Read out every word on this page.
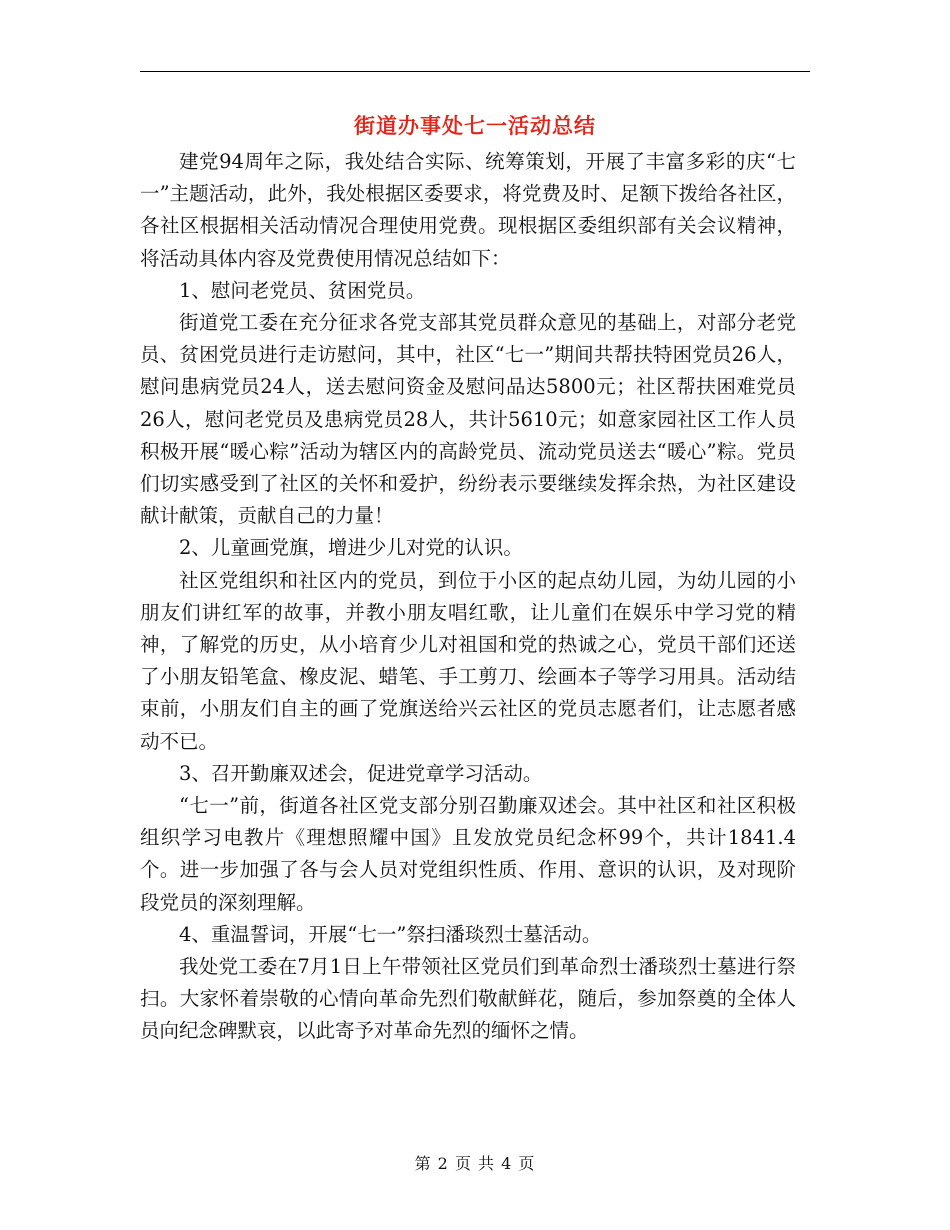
街道办事处七一活动总结

建党94周年之际，我处结合实际、统筹策划，开展了丰富多彩的庆“七一”主题活动，此外，我处根据区委要求，将党费及时、足额下拨给各社区，各社区根据相关活动情况合理使用党费。现根据区委组织部有关会议精神，将活动具体内容及党费使用情况总结如下：

1、慰问老党员、贫困党员。

街道党工委在充分征求各党支部其党员群众意见的基础上，对部分老党员、贫困党员进行走访慰问，其中，社区“七一”期间共帮扶特困党员26人，慰问患病党员24人，送去慰问资金及慰问品达5800元；社区帮扶困难党员26人，慰问老党员及患病党员28人，共计5610元；如意家园社区工作人员积极开展“暖心粽”活动为辖区内的高龄党员、流动党员送去“暖心”粽。党员们切实感受到了社区的关怀和爱护，纷纷表示要继续发挥余热，为社区建设献计献策，贡献自己的力量！

2、儿童画党旗，增进少儿对党的认识。

社区党组织和社区内的党员，到位于小区的起点幼儿园，为幼儿园的小朋友们讲红军的故事，并教小朋友唱红歌，让儿童们在娱乐中学习党的精神，了解党的历史，从小培育少儿对祖国和党的热诚之心，党员干部们还送了小朋友铅笔盒、橡皮泥、蜡笔、手工剪刀、绘画本子等学习用具。活动结束前，小朋友们自主的画了党旗送给兴云社区的党员志愿者们，让志愿者感动不已。

3、召开勤廉双述会，促进党章学习活动。

“七一”前，街道各社区党支部分别召勤廉双述会。其中社区和社区积极组织学习电教片《理想照耀中国》且发放党员纪念杯99个，共计1841.4个。进一步加强了各与会人员对党组织性质、作用、意识的认识，及对现阶段党员的深刻理解。

4、重温誓词，开展“七一”祭扫潘琰烈士墓活动。

我处党工委在7月1日上午带领社区党员们到革命烈士潘琰烈士墓进行祭扫。大家怀着崇敬的心情向革命先烈们敬献鲜花，随后，参加祭奠的全体人员向纪念碑默哀，以此寄予对革命先烈的缅怀之情。

第 2 页 共 4 页
